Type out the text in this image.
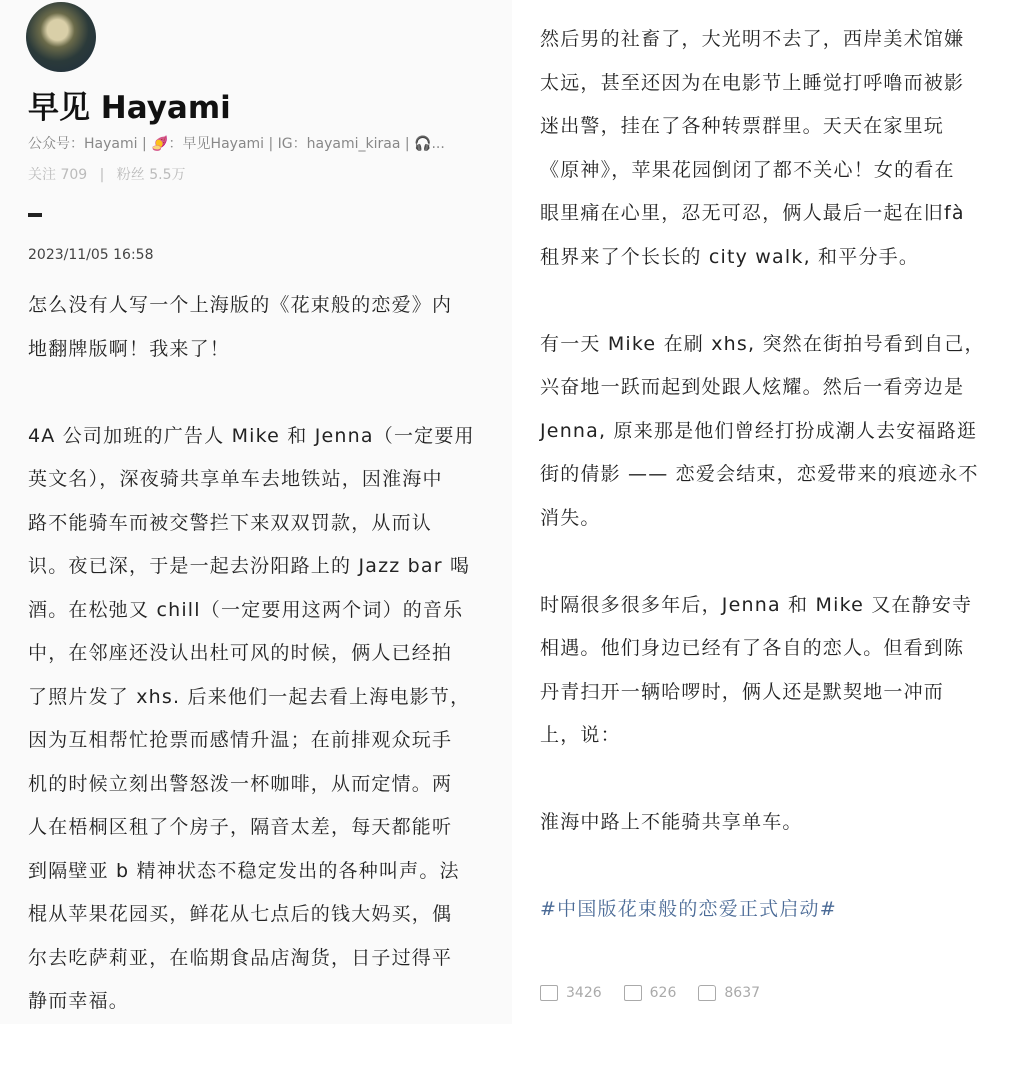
早见 Hayami
公众号：Hayami | 🍠：早见Hayami | IG：hayami_kiraa | 🎧...
关注 709 | 粉丝 5.5万
2023/11/05 16:58
怎么没有人写一个上海版的《花束般的恋爱》内
地翻牌版啊！我来了！
4A 公司加班的广告人 Mike 和 Jenna（一定要用
英文名），深夜骑共享单车去地铁站，因淮海中
路不能骑车而被交警拦下来双双罚款，从而认
识。夜已深，于是一起去汾阳路上的 Jazz bar 喝
酒。在松弛又 chill（一定要用这两个词）的音乐
中，在邻座还没认出杜可风的时候，俩人已经拍
了照片发了 xhs. 后来他们一起去看上海电影节，
因为互相帮忙抢票而感情升温；在前排观众玩手
机的时候立刻出警怒泼一杯咖啡，从而定情。两
人在梧桐区租了个房子，隔音太差，每天都能听
到隔壁亚 b 精神状态不稳定发出的各种叫声。法
棍从苹果花园买，鲜花从七点后的钱大妈买，偶
尔去吃萨莉亚，在临期食品店淘货，日子过得平
静而幸福。
然后男的社畜了，大光明不去了，西岸美术馆嫌
太远，甚至还因为在电影节上睡觉打呼噜而被影
迷出警，挂在了各种转票群里。天天在家里玩
《原神》，苹果花园倒闭了都不关心！女的看在
眼里痛在心里，忍无可忍，俩人最后一起在旧fà
租界来了个长长的 city walk, 和平分手。
有一天 Mike 在刷 xhs, 突然在街拍号看到自己，
兴奋地一跃而起到处跟人炫耀。然后一看旁边是
Jenna, 原来那是他们曾经打扮成潮人去安福路逛
街的倩影 —— 恋爱会结束，恋爱带来的痕迹永不
消失。
时隔很多很多年后，Jenna 和 Mike 又在静安寺
相遇。他们身边已经有了各自的恋人。但看到陈
丹青扫开一辆哈啰时，俩人还是默契地一冲而
上，说：
淮海中路上不能骑共享单车。
#中国版花束般的恋爱正式启动#
3426	626	8637
